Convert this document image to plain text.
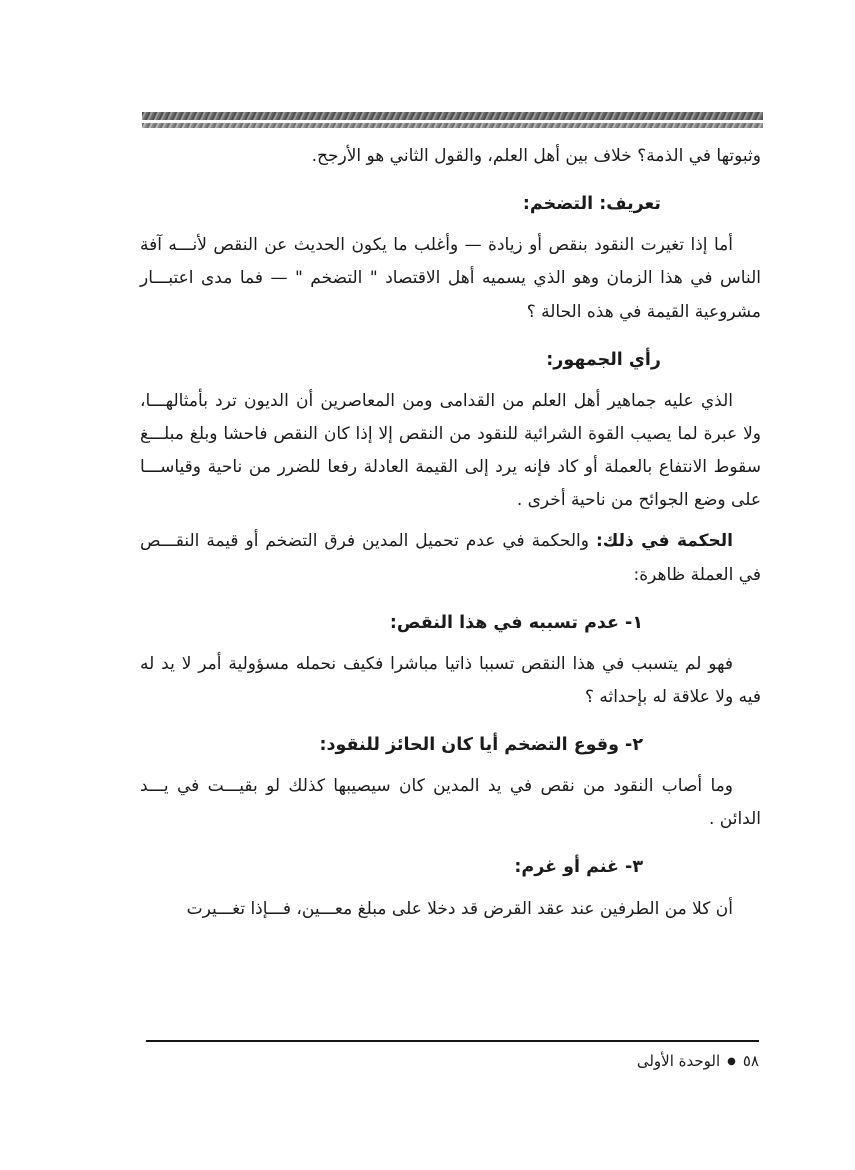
وثبوتها في الذمة؟ خلاف بين أهل العلم، والقول الثاني هو الأرجح.

تعريف: التضخم:

أما إذا تغيرت النقود بنقص أو زيادة — وأغلب ما يكون الحديث عن النقص لأنـــه آفة الناس في هذا الزمان وهو الذي يسميه أهل الاقتصاد " التضخم " — فما مدى اعتبـــار مشروعية القيمة في هذه الحالة ؟

رأي الجمهور:

الذي عليه جماهير أهل العلم من القدامى ومن المعاصرين أن الديون ترد بأمثالهـــا، ولا عبرة لما يصيب القوة الشرائية للنقود من النقص إلا إذا كان النقص فاحشا وبلغ مبلـــغ سقوط الانتفاع بالعملة أو كاد فإنه يرد إلى القيمة العادلة رفعا للضرر من ناحية وقياســـا على وضع الجوائح من ناحية أخرى .

الحكمة في ذلك: والحكمة في عدم تحميل المدين فرق التضخم أو قيمة النقـــص في العملة ظاهرة:

١- عدم تسببه في هذا النقص:

فهو لم يتسبب في هذا النقص تسببا ذاتيا مباشرا فكيف نحمله مسؤولية أمر لا يد له فيه ولا علاقة له بإحداثه ؟

٢- وقوع التضخم أيا كان الحائز للنقود:

وما أصاب النقود من نقص في يد المدين كان سيصيبها كذلك لو بقيـــت في يـــد الدائن .

٣- غنم أو غرم:

أن كلا من الطرفين عند عقد القرض قد دخلا على مبلغ معـــين، فـــإذا تغـــيرت

٥٨●الوحدة الأولى
